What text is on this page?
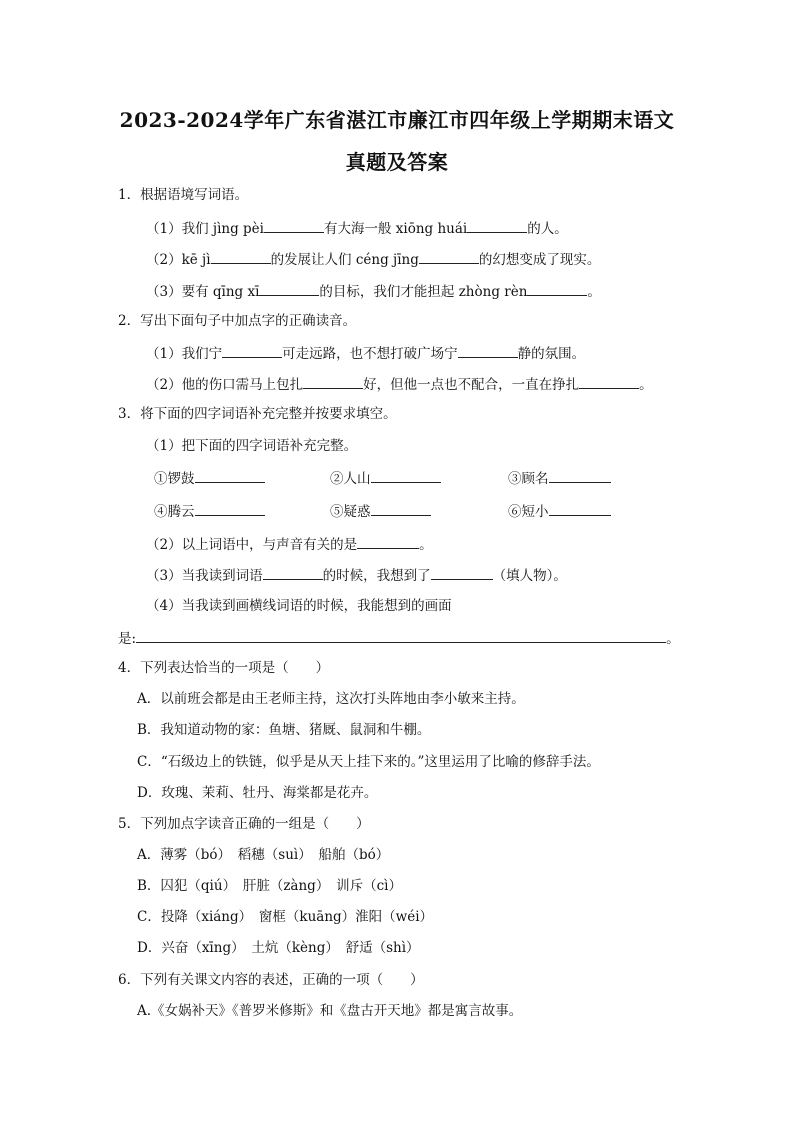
2023-2024学年广东省湛江市廉江市四年级上学期期末语文
真题及答案
1．根据语境写词语。
（1）我们 jìng pèi	有大海一般 xiōng huái	的人。
（2）kē jì	的发展让人们 céng jīng	的幻想变成了现实。
（3）要有 qīng xī	的目标，我们才能担起 zhòng rèn	。
2．写出下面句子中加点字的正确读音。
（1）我们宁	可走远路，也不想打破广场宁	静的氛围。
（2）他的伤口需马上包扎	好，但他一点也不配合，一直在挣扎	。
3．将下面的四字词语补充完整并按要求填空。
（1）把下面的四字词语补充完整。
①锣鼓	②人山	③顾名
④腾云	⑤疑惑	⑥短小
（2）以上词语中，与声音有关的是	。
（3）当我读到词语	的时候，我想到了	（填人物）。
（4）当我读到画横线词语的时候，我能想到的画面
是:	。
4．下列表达恰当的一项是（　　）
A．以前班会都是由王老师主持，这次打头阵地由李小敏来主持。
B．我知道动物的家：鱼塘、猪厩、鼠洞和牛棚。
C．“石级边上的铁链，似乎是从天上挂下来的。”这里运用了比喻的修辞手法。
D．玫瑰、茉莉、牡丹、海棠都是花卉。
5．下列加点字读音正确的一组是（　　）
A．薄雾（bó）　稻穗（suì）　船舶（bó）
B．囚犯（qiú）　肝脏（zàng）　训斥（cì）
C．投降（xiáng）　窗框（kuāng）淮阳（wéi）
D．兴奋（xīng）　土炕（kèng）　舒适（shì）
6．下列有关课文内容的表述，正确的一项（　　）
A.《女娲补天》《普罗米修斯》和《盘古开天地》都是寓言故事。
